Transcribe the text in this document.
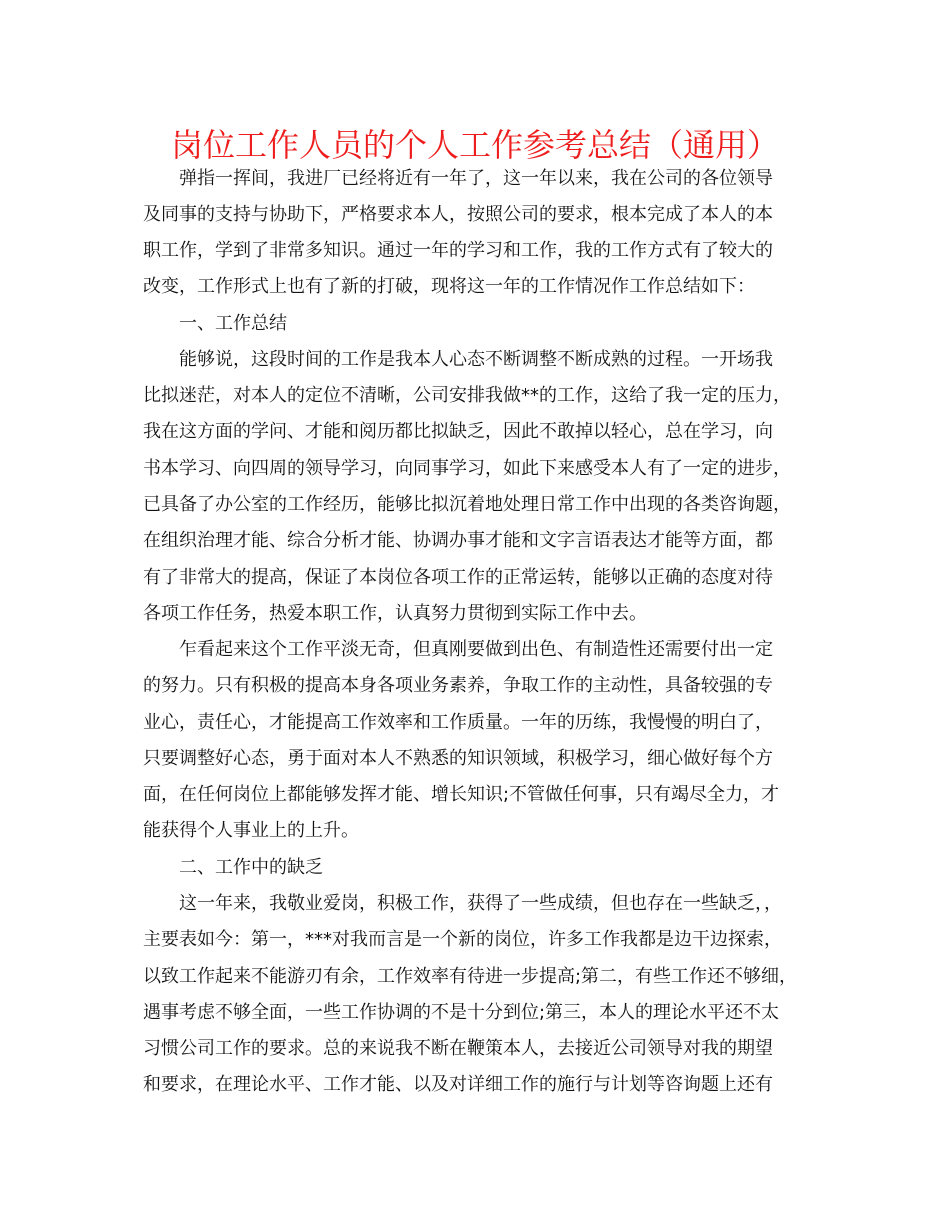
岗位工作人员的个人工作参考总结（通用）

弹指一挥间，我进厂已经将近有一年了，这一年以来，我在公司的各位领导

及同事的支持与协助下，严格要求本人，按照公司的要求，根本完成了本人的本

职工作，学到了非常多知识。通过一年的学习和工作，我的工作方式有了较大的

改变，工作形式上也有了新的打破，现将这一年的工作情况作工作总结如下：

一、工作总结

能够说，这段时间的工作是我本人心态不断调整不断成熟的过程。一开场我

比拟迷茫，对本人的定位不清晰，公司安排我做**的工作，这给了我一定的压力，

我在这方面的学问、才能和阅历都比拟缺乏，因此不敢掉以轻心，总在学习，向

书本学习、向四周的领导学习，向同事学习，如此下来感受本人有了一定的进步，

已具备了办公室的工作经历，能够比拟沉着地处理日常工作中出现的各类咨询题，

在组织治理才能、综合分析才能、协调办事才能和文字言语表达才能等方面，都

有了非常大的提高，保证了本岗位各项工作的正常运转，能够以正确的态度对待

各项工作任务，热爱本职工作，认真努力贯彻到实际工作中去。

乍看起来这个工作平淡无奇，但真刚要做到出色、有制造性还需要付出一定

的努力。只有积极的提高本身各项业务素养，争取工作的主动性，具备较强的专

业心，责任心，才能提高工作效率和工作质量。一年的历练，我慢慢的明白了，

只要调整好心态，勇于面对本人不熟悉的知识领域，积极学习，细心做好每个方

面，在任何岗位上都能够发挥才能、增长知识;不管做任何事，只有竭尽全力，才

能获得个人事业上的上升。

二、工作中的缺乏

这一年来，我敬业爱岗，积极工作，获得了一些成绩，但也存在一些缺乏，，

主要表如今：第一，***对我而言是一个新的岗位，许多工作我都是边干边探索，

以致工作起来不能游刃有余，工作效率有待进一步提高;第二，有些工作还不够细，

遇事考虑不够全面，一些工作协调的不是十分到位;第三，本人的理论水平还不太

习惯公司工作的要求。总的来说我不断在鞭策本人，去接近公司领导对我的期望

和要求，在理论水平、工作才能、以及对详细工作的施行与计划等咨询题上还有
